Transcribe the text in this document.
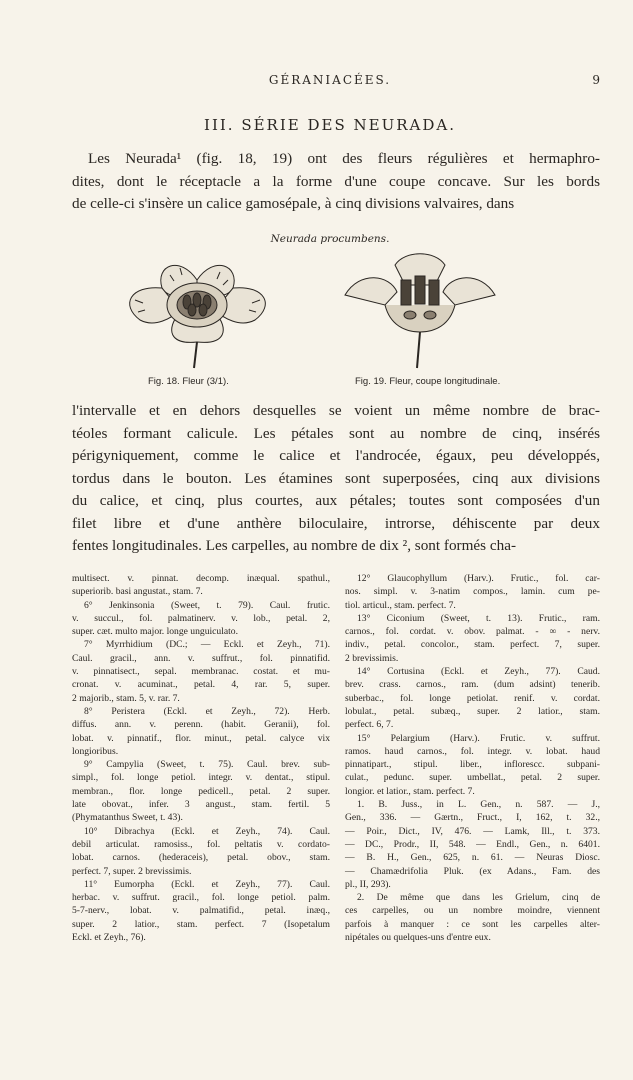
GÉRANIACÉES.	9
III. SÉRIE DES NEURADA.
Les Neurada¹ (fig. 18, 19) ont des fleurs régulières et hermaphro-
dites, dont le réceptacle a la forme d'une coupe concave. Sur les bords
de celle-ci s'insère un calice gamosépale, à cinq divisions valvaires, dans
Neurada procumbens.
Fig. 18. Fleur (3/1).	Fig. 19. Fleur, coupe longitudinale.
l'intervalle et en dehors desquelles se voient un même nombre de brac-
téoles formant calicule. Les pétales sont au nombre de cinq, insérés
périgyniquement, comme le calice et l'androcée, égaux, peu développés,
tordus dans le bouton. Les étamines sont superposées, cinq aux divisions
du calice, et cinq, plus courtes, aux pétales; toutes sont composées d'un
filet libre et d'une anthère biloculaire, introrse, déhiscente par deux
fentes longitudinales. Les carpelles, au nombre de dix ², sont formés cha-
multisect. v. pinnat. decomp. inæqual. spathul.,
superiorib. basi angustat., stam. 7.
6° Jenkinsonia (Sweet, t. 79). Caul. frutic.
v. succul., fol. palmatinerv. v. lob., petal. 2,
super. cæt. multo major. longe unguiculato.
7° Myrrhidium (DC.; — Eckl. et Zeyh., 71).
Caul. gracil., ann. v. suffrut., fol. pinnatifid.
v. pinnatisect., sepal. membranac. costat. et mu-
cronat. v. acuminat., petal. 4, rar. 5, super.
2 majorib., stam. 5, v. rar. 7.
8° Peristera (Eckl. et Zeyh., 72). Herb.
diffus. ann. v. perenn. (habit. Geranii), fol.
lobat. v. pinnatif., flor. minut., petal. calyce vix
longioribus.
9° Campylia (Sweet, t. 75). Caul. brev. sub-
simpl., fol. longe petiol. integr. v. dentat., stipul.
membran., flor. longe pedicell., petal. 2 super.
late obovat., infer. 3 angust., stam. fertil. 5
(Phymatanthus Sweet, t. 43).
10° Dibrachya (Eckl. et Zeyh., 74). Caul.
debil articulat. ramosiss., fol. peltatis v. cordato-
lobat. carnos. (hederaceis), petal. obov., stam.
perfect. 7, super. 2 brevissimis.
11° Eumorpha (Eckl. et Zeyh., 77). Caul.
herbac. v. suffrut. gracil., fol. longe petiol. palm.
5-7-nerv., lobat. v. palmatifid., petal. inæq.,
super. 2 latior., stam. perfect. 7 (Isopetalum
Eckl. et Zeyh., 76).
12° Glaucophyllum (Harv.). Frutic., fol. car-
nos. simpl. v. 3-natim compos., lamin. cum pe-
tiol. articul., stam. perfect. 7.
13° Ciconium (Sweet, t. 13). Frutic., ram.
carnos., fol. cordat. v. obov. palmat. - ∞ - nerv.
indiv., petal. concolor., stam. perfect. 7, super.
2 brevissimis.
14° Cortusina (Eckl. et Zeyh., 77). Caud.
brev. crass. carnos., ram. (dum adsint) tenerib.
suberbac., fol. longe petiolat. renif. v. cordat.
lobulat., petal. subæq., super. 2 latior., stam.
perfect. 6, 7.
15° Pelargium (Harv.). Frutic. v. suffrut.
ramos. haud carnos., fol. integr. v. lobat. haud
pinnatipart., stipul. liber., inflorescc. subpani-
culat., pedunc. super. umbellat., petal. 2 super.
longior. et latior., stam. perfect. 7.
1. B. Juss., in L. Gen., n. 587. — J.,
Gen., 336. — Gærtn., Fruct., I, 162, t. 32.,
— Poir., Dict., IV, 476. — Lamk, Ill., t. 373.
— DC., Prodr., II, 548. — Endl., Gen., n. 6401.
— B. H., Gen., 625, n. 61. — Neuras Diosc.
— Chamædrifolia Pluk. (ex Adans., Fam. des
pl., II, 293).
2. De même que dans les Grielum, cinq de
ces carpelles, ou un nombre moindre, viennent
parfois à manquer : ce sont les carpelles alter-
nipétales ou quelques-uns d'entre eux.
